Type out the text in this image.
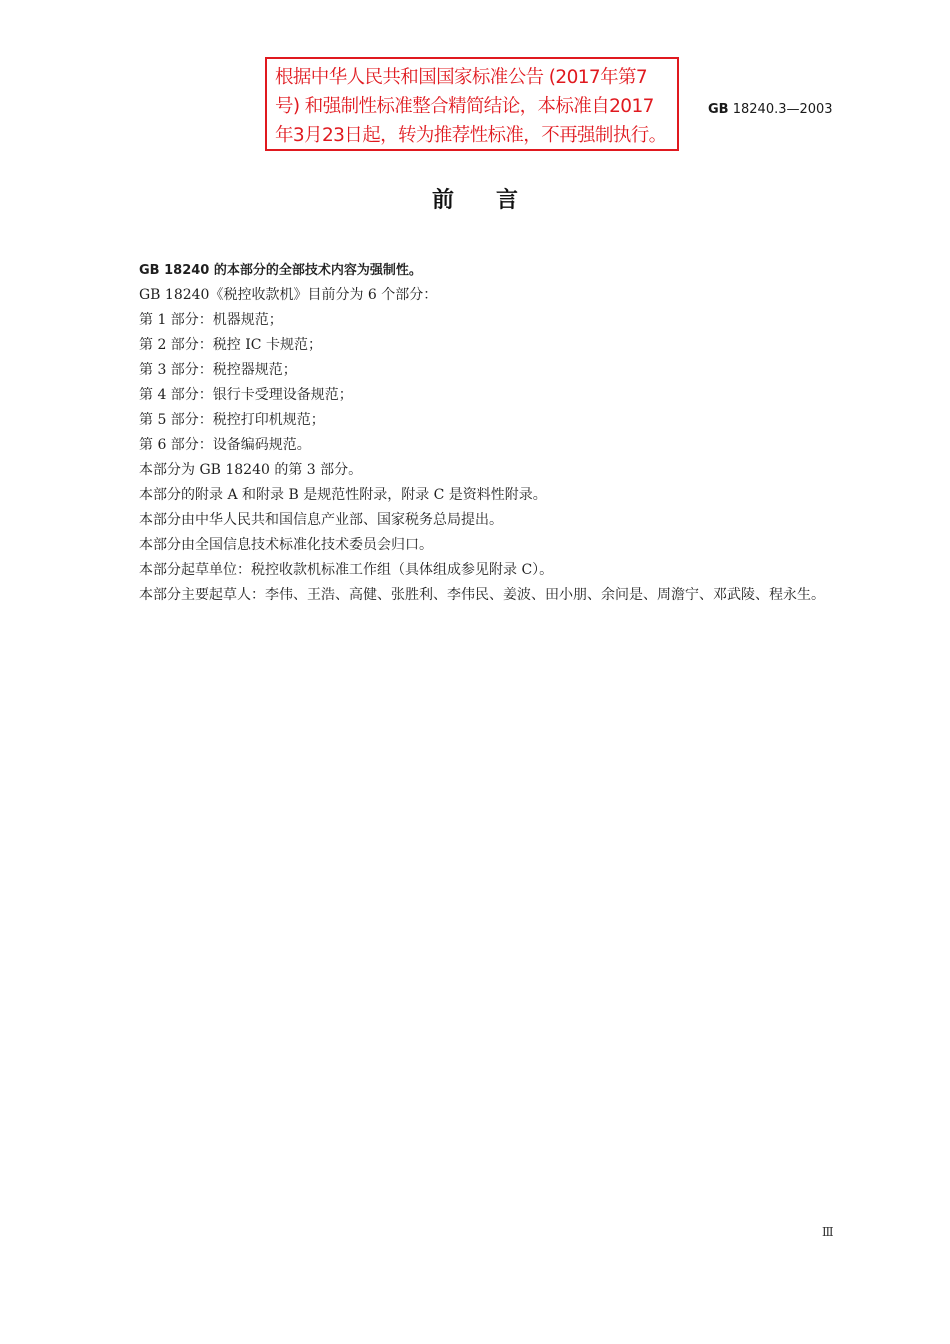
根据中华人民共和国国家标准公告 (2017年第7
号) 和强制性标准整合精简结论，本标准自2017
年3月23日起，转为推荐性标准，不再强制执行。
GB 18240.3—2003
前言

GB 18240 的本部分的全部技术内容为强制性。

GB 18240《税控收款机》目前分为 6 个部分：

第 1 部分：机器规范；

第 2 部分：税控 IC 卡规范；

第 3 部分：税控器规范；

第 4 部分：银行卡受理设备规范；

第 5 部分：税控打印机规范；

第 6 部分：设备编码规范。

本部分为 GB 18240 的第 3 部分。

本部分的附录 A 和附录 B 是规范性附录，附录 C 是资料性附录。

本部分由中华人民共和国信息产业部、国家税务总局提出。

本部分由全国信息技术标准化技术委员会归口。

本部分起草单位：税控收款机标准工作组（具体组成参见附录 C）。

本部分主要起草人：李伟、王浩、高健、张胜利、李伟民、姜波、田小朋、余问是、周澹宁、邓武陵、程永生。

Ⅲ
